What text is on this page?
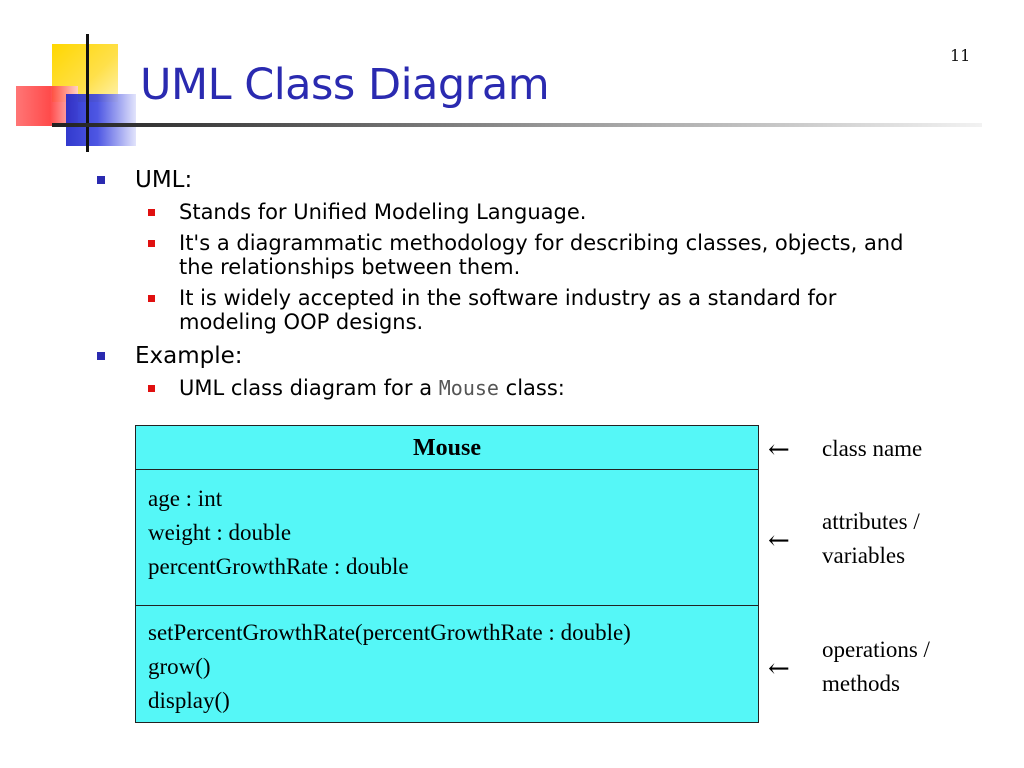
UML Class Diagram
11
UML:
Stands for Unified Modeling Language.
It's a diagrammatic methodology for describing classes, objects, and the relationships between them.
It is widely accepted in the software industry as a standard for modeling OOP designs.
Example:
UML class diagram for a Mouse class:
Mouse
age : int
weight : double
percentGrowthRate : double
setPercentGrowthRate(percentGrowthRate : double)
grow()
display()
← class name
←
attributes /
variables
←
operations /
methods
